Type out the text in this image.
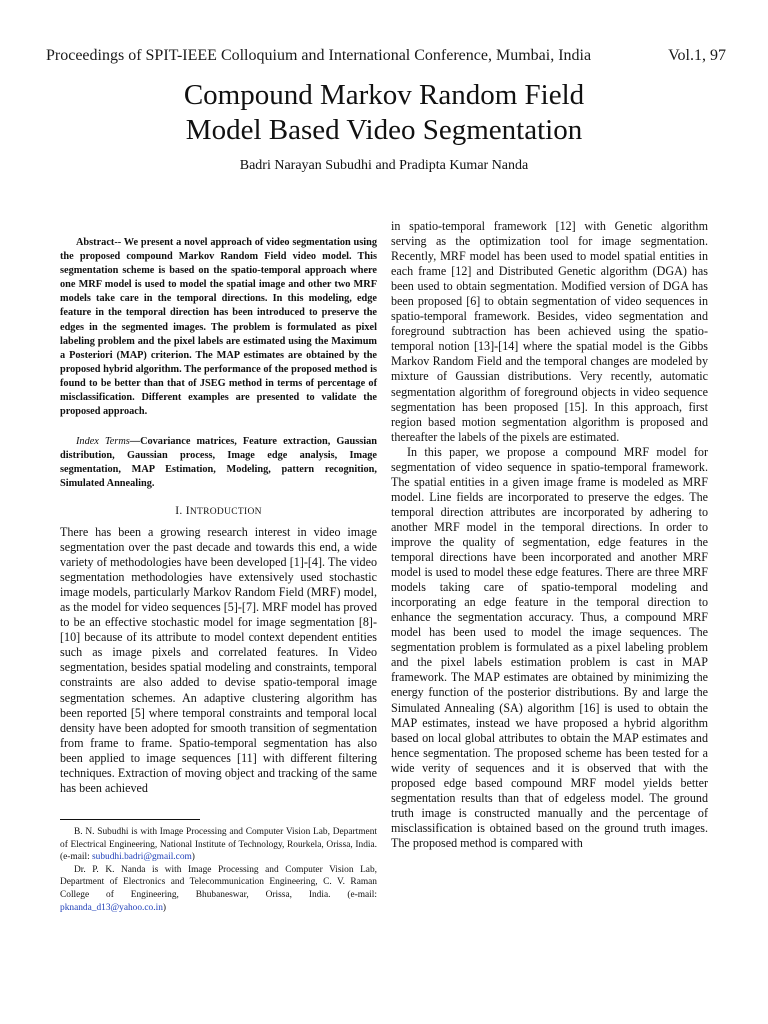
Proceedings of SPIT-IEEE Colloquium and International Conference, Mumbai, India	Vol.1, 97
Compound Markov Random Field
Model Based Video Segmentation
Badri Narayan Subudhi and Pradipta Kumar Nanda

Abstract-- We present a novel approach of video segmentation using the proposed compound Markov Random Field video model. This segmentation scheme is based on the spatio-temporal approach where one MRF model is used to model the spatial image and other two MRF models take care in the temporal directions. In this modeling, edge feature in the temporal direction has been introduced to preserve the edges in the segmented images. The problem is formulated as pixel labeling problem and the pixel labels are estimated using the Maximum a Posteriori (MAP) criterion. The MAP estimates are obtained by the proposed hybrid algorithm. The performance of the proposed method is found to be better than that of JSEG method in terms of percentage of misclassification. Different examples are presented to validate the proposed approach.

Index Terms—Covariance matrices, Feature extraction, Gaussian distribution, Gaussian process, Image edge analysis, Image segmentation, MAP Estimation, Modeling, pattern recognition, Simulated Annealing.

I. INTRODUCTION

There has been a growing research interest in video image segmentation over the past decade and towards this end, a wide variety of methodologies have been developed [1]-[4]. The video segmentation methodologies have extensively used stochastic image models, particularly Markov Random Field (MRF) model, as the model for video sequences [5]-[7]. MRF model has proved to be an effective stochastic model for image segmentation [8]-[10] because of its attribute to model context dependent entities such as image pixels and correlated features. In Video segmentation, besides spatial modeling and constraints, temporal constraints are also added to devise spatio-temporal image segmentation schemes. An adaptive clustering algorithm has been reported [5] where temporal constraints and temporal local density have been adopted for smooth transition of segmentation from frame to frame. Spatio-temporal segmentation has also been applied to image sequences [11] with different filtering techniques. Extraction of moving object and tracking of the same has been achieved

in spatio-temporal framework [12] with Genetic algorithm serving as the optimization tool for image segmentation. Recently, MRF model has been used to model spatial entities in each frame [12] and Distributed Genetic algorithm (DGA) has been used to obtain segmentation. Modified version of DGA has been proposed [6] to obtain segmentation of video sequences in spatio-temporal framework. Besides, video segmentation and foreground subtraction has been achieved using the spatio-temporal notion [13]-[14] where the spatial model is the Gibbs Markov Random Field and the temporal changes are modeled by mixture of Gaussian distributions. Very recently, automatic segmentation algorithm of foreground objects in video sequence segmentation has been proposed [15]. In this approach, first region based motion segmentation algorithm is proposed and thereafter the labels of the pixels are estimated.

In this paper, we propose a compound MRF model for segmentation of video sequence in spatio-temporal framework. The spatial entities in a given image frame is modeled as MRF model. Line fields are incorporated to preserve the edges. The temporal direction attributes are incorporated by adhering to another MRF model in the temporal directions. In order to improve the quality of segmentation, edge features in the temporal directions have been incorporated and another MRF model is used to model these edge features. There are three MRF models taking care of spatio-temporal modeling and incorporating an edge feature in the temporal direction to enhance the segmentation accuracy. Thus, a compound MRF model has been used to model the image sequences. The segmentation problem is formulated as a pixel labeling problem and the pixel labels estimation problem is cast in MAP framework. The MAP estimates are obtained by minimizing the energy function of the posterior distributions. By and large the Simulated Annealing (SA) algorithm [16] is used to obtain the MAP estimates, instead we have proposed a hybrid algorithm based on local global attributes to obtain the MAP estimates and hence segmentation. The proposed scheme has been tested for a wide verity of sequences and it is observed that with the proposed edge based compound MRF model yields better segmentation results than that of edgeless model. The ground truth image is constructed manually and the percentage of misclassification is obtained based on the ground truth images. The proposed method is compared with

B. N. Subudhi is with Image Processing and Computer Vision Lab, Department of Electrical Engineering, National Institute of Technology, Rourkela, Orissa, India. (e-mail: subudhi.badri@gmail.com)

Dr. P. K. Nanda is with Image Processing and Computer Vision Lab, Department of Electronics and Telecommunication Engineering, C. V. Raman College of Engineering, Bhubaneswar, Orissa, India. (e-mail: pknanda_d13@yahoo.co.in)
